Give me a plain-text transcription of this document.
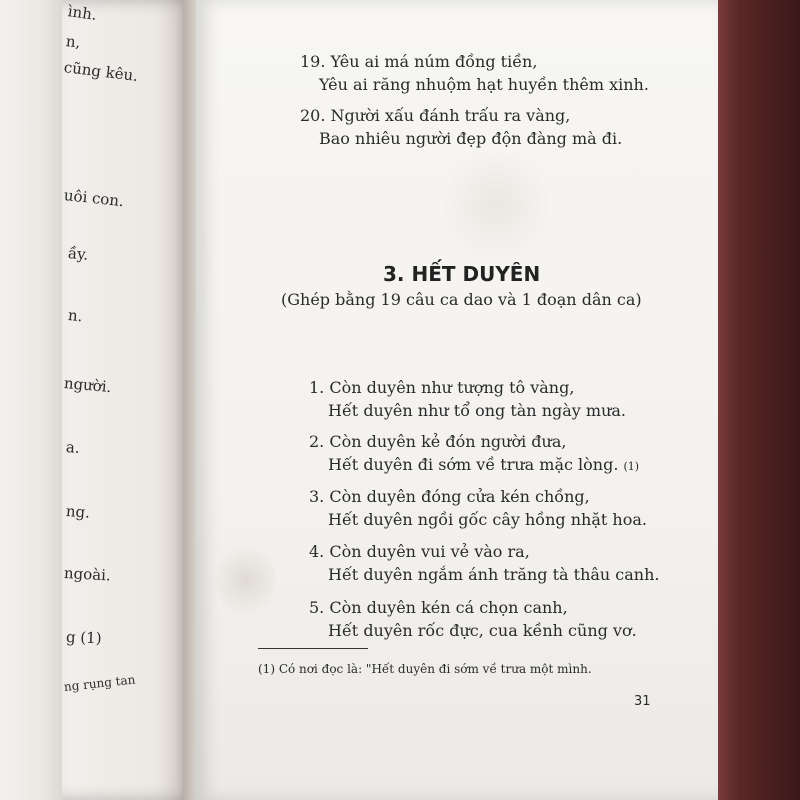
ình.
n,
cũng kêu.
uôi con.
ầy.
n.
người.
a.
ng.
ngoài.
g (1)
ng rụng tan
19. Yêu ai má núm đồng tiền,
Yêu ai răng nhuộm hạt huyền thêm xinh.
20. Người xấu đánh trấu ra vàng,
Bao nhiêu người đẹp độn đàng mà đi.
3. HẾT DUYÊN
(Ghép bằng 19 câu ca dao và 1 đoạn dân ca)
1. Còn duyên như tượng tô vàng,
Hết duyên như tổ ong tàn ngày mưa.
2. Còn duyên kẻ đón người đưa,
Hết duyên đi sớm về trưa mặc lòng. (1)
3. Còn duyên đóng cửa kén chồng,
Hết duyên ngồi gốc cây hồng nhặt hoa.
4. Còn duyên vui vẻ vào ra,
Hết duyên ngắm ánh trăng tà thâu canh.
5. Còn duyên kén cá chọn canh,
Hết duyên rốc đực, cua kềnh cũng vơ.
(1) Có nơi đọc là: "Hết duyên đi sớm về trưa một mình.
31
